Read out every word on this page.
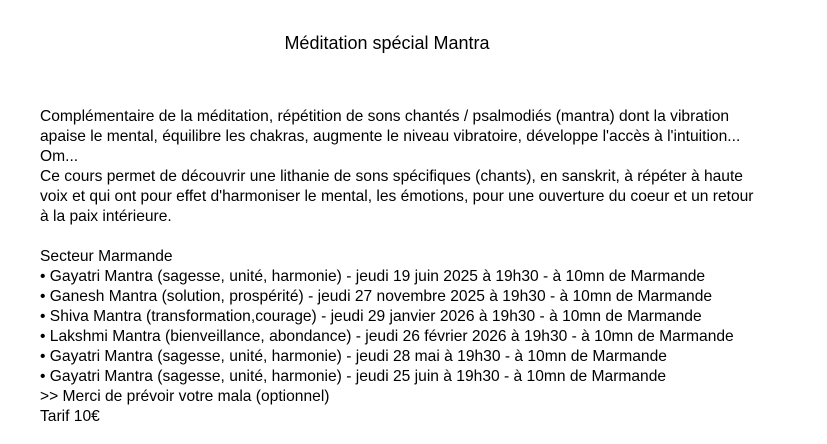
Méditation spécial Mantra
Complémentaire de la méditation, répétition de sons chantés / psalmodiés (mantra) dont la vibration
apaise le mental, équilibre les chakras, augmente le niveau vibratoire, développe l'accès à l'intuition...
Om...
Ce cours permet de découvrir une lithanie de sons spécifiques (chants), en sanskrit, à répéter à haute
voix et qui ont pour effet d'harmoniser le mental, les émotions, pour une ouverture du coeur et un retour
à la paix intérieure.
Secteur Marmande
• Gayatri Mantra (sagesse, unité, harmonie) - jeudi 19 juin 2025 à 19h30 - à 10mn de Marmande
• Ganesh Mantra (solution, prospérité) - jeudi 27 novembre 2025 à 19h30 - à 10mn de Marmande
• Shiva Mantra (transformation,courage) - jeudi 29 janvier 2026 à 19h30 - à 10mn de Marmande
• Lakshmi Mantra (bienveillance, abondance) - jeudi 26 février 2026 à 19h30 - à 10mn de Marmande
• Gayatri Mantra (sagesse, unité, harmonie) - jeudi 28 mai à 19h30 - à 10mn de Marmande
• Gayatri Mantra (sagesse, unité, harmonie) - jeudi 25 juin à 19h30 - à 10mn de Marmande
>> Merci de prévoir votre mala (optionnel)
Tarif 10€
